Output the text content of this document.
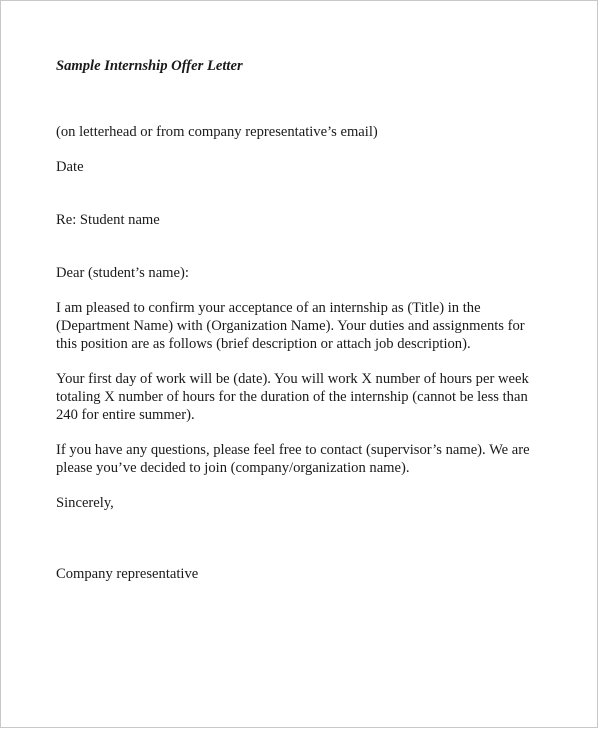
Sample Internship Offer Letter

(on letterhead or from company representative’s email)

Date

Re: Student name

Dear (student’s name):

I am pleased to confirm your acceptance of an internship as (Title) in the
(Department Name) with (Organization Name). Your duties and assignments for
this position are as follows (brief description or attach job description).
Your first day of work will be (date). You will work X number of hours per week
totaling X number of hours for the duration of the internship (cannot be less than
240 for entire summer).
If you have any questions, please feel free to contact (supervisor’s name). We are
please you’ve decided to join (company/organization name).

Sincerely,

Company representative
